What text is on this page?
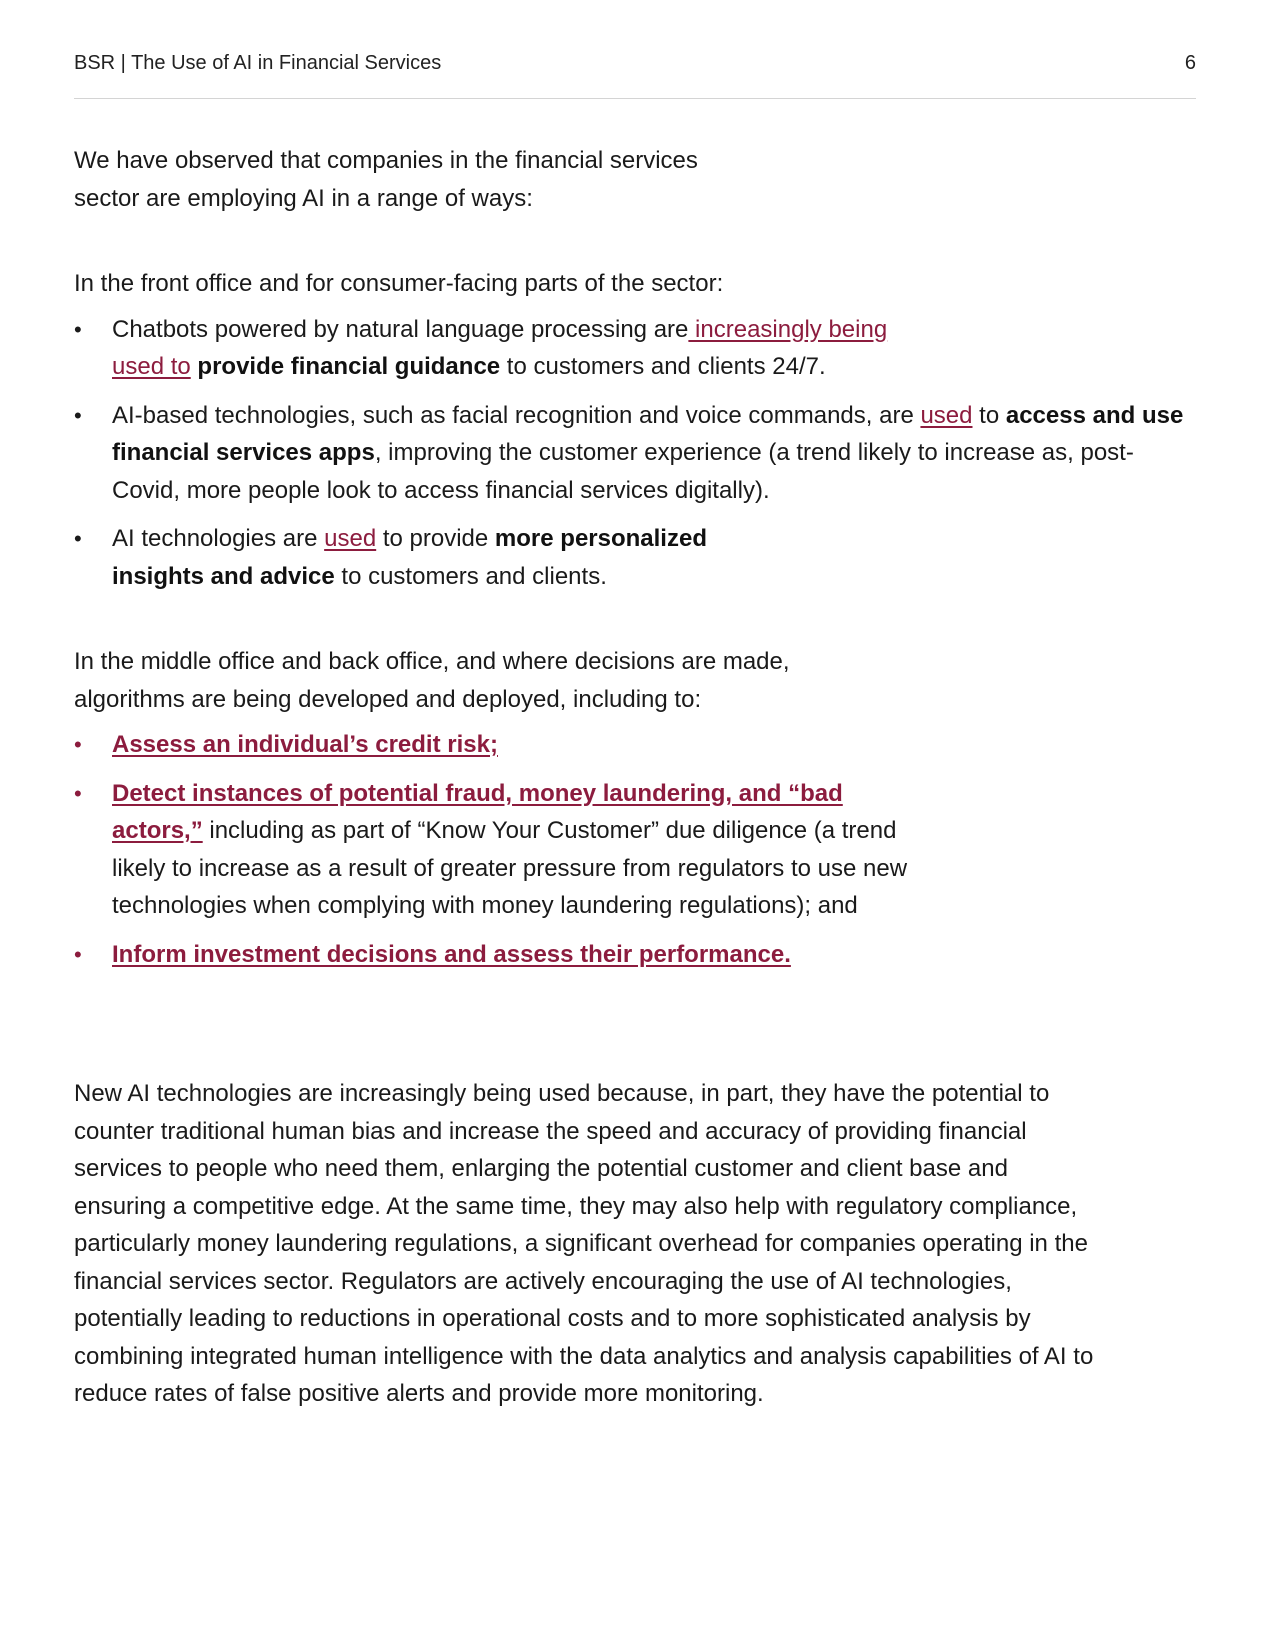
BSR | The Use of AI in Financial Services	6

We have observed that companies in the financial services sector are employing AI in a range of ways:

In the front office and for consumer-facing parts of the sector:

• Chatbots powered by natural language processing are increasingly being used to provide financial guidance to customers and clients 24/7.
• AI-based technologies, such as facial recognition and voice commands, are used to access and use financial services apps, improving the customer experience (a trend likely to increase as, post-Covid, more people look to access financial services digitally).
• AI technologies are used to provide more personalized insights and advice to customers and clients.

In the middle office and back office, and where decisions are made, algorithms are being developed and deployed, including to:

• Assess an individual’s credit risk;
• Detect instances of potential fraud, money laundering, and “bad actors,” including as part of “Know Your Customer” due diligence (a trend likely to increase as a result of greater pressure from regulators to use new technologies when complying with money laundering regulations); and
• Inform investment decisions and assess their performance.

New AI technologies are increasingly being used because, in part, they have the potential to counter traditional human bias and increase the speed and accuracy of providing financial services to people who need them, enlarging the potential customer and client base and ensuring a competitive edge. At the same time, they may also help with regulatory compliance, particularly money laundering regulations, a significant overhead for companies operating in the financial services sector. Regulators are actively encouraging the use of AI technologies, potentially leading to reductions in operational costs and to more sophisticated analysis by combining integrated human intelligence with the data analytics and analysis capabilities of AI to reduce rates of false positive alerts and provide more monitoring.
